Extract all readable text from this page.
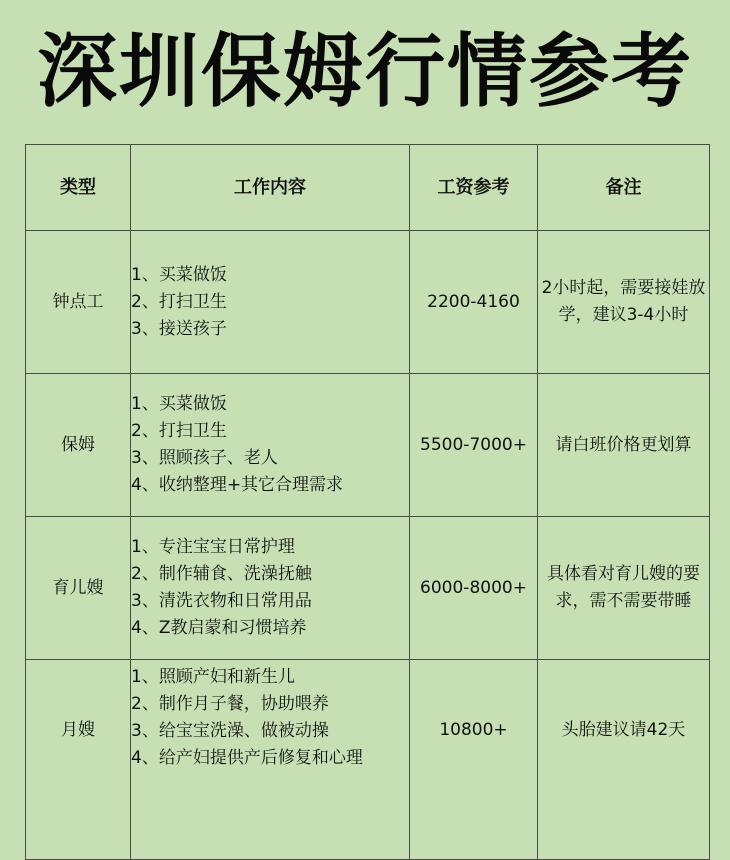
深圳保姆行情参考
类型	工作内容	工资参考	备注
钟点工	1、买菜做饭
2、打扫卫生
3、接送孩子	2200-4160	2小时起，需要接娃放学，建议3-4小时
保姆	1、买菜做饭
2、打扫卫生
3、照顾孩子、老人
4、收纳整理+其它合理需求	5500-7000+	请白班价格更划算
育儿嫂	1、专注宝宝日常护理
2、制作辅食、洗澡抚触
3、清洗衣物和日常用品
4、Z教启蒙和习惯培养	6000-8000+	具体看对育儿嫂的要求，需不需要带睡
月嫂	1、照顾产妇和新生儿
2、制作月子餐，协助喂养
3、给宝宝洗澡、做被动操
4、给产妇提供产后修复和心理	10800+	头胎建议请42天
